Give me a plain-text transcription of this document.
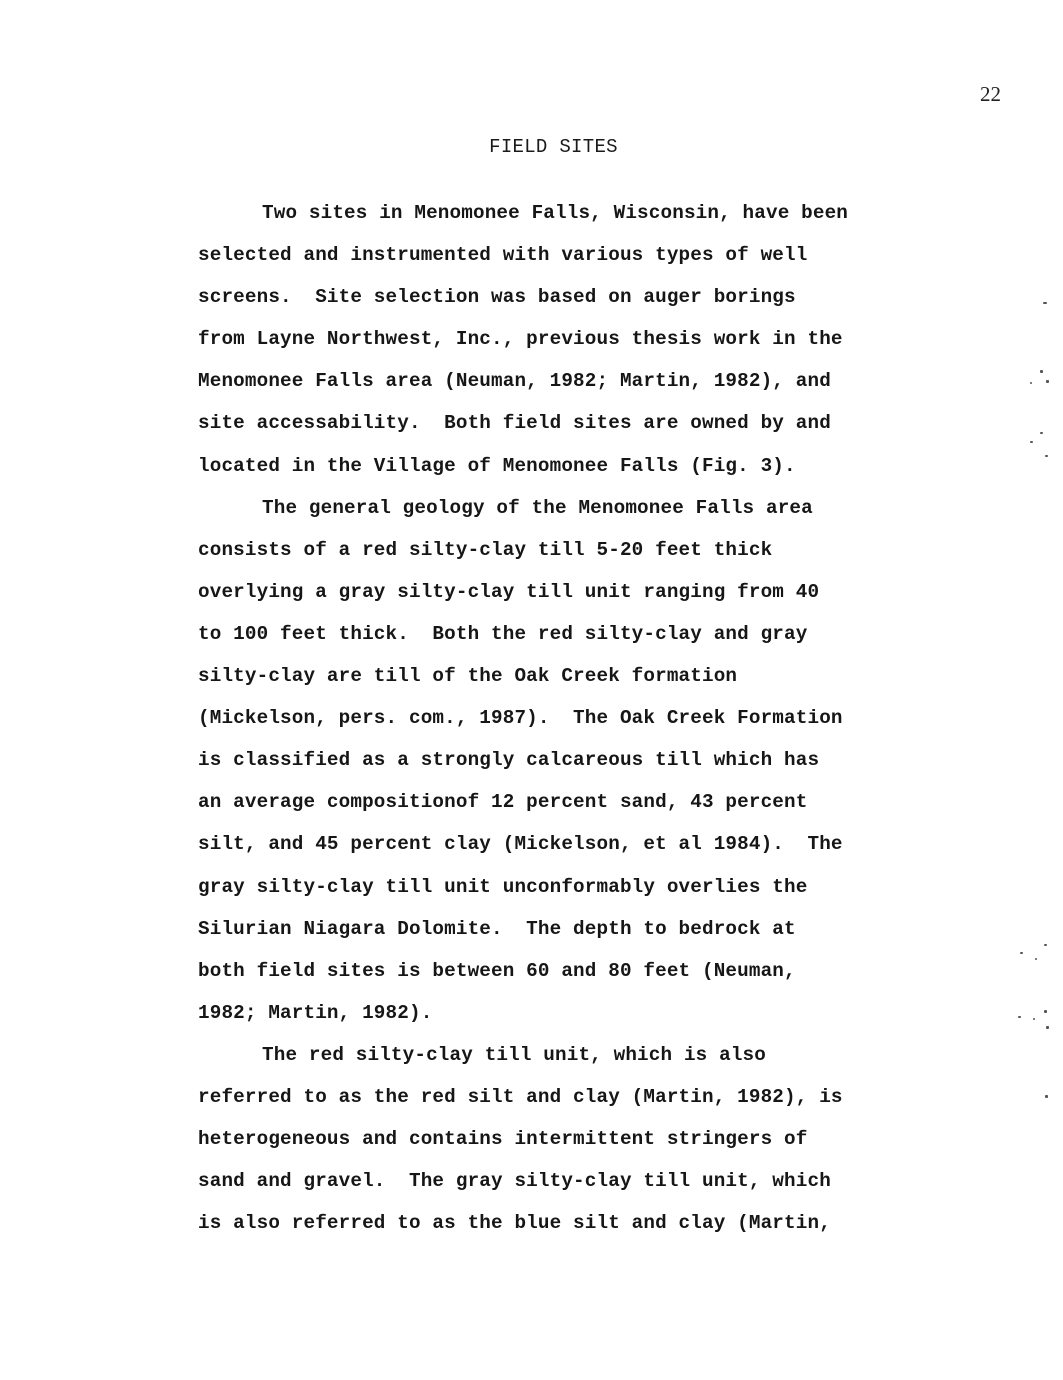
22
FIELD SITES
Two sites in Menomonee Falls, Wisconsin, have been
selected and instrumented with various types of well
screens.  Site selection was based on auger borings
from Layne Northwest, Inc., previous thesis work in the
Menomonee Falls area (Neuman, 1982; Martin, 1982), and
site accessability.  Both field sites are owned by and
located in the Village of Menomonee Falls (Fig. 3).
The general geology of the Menomonee Falls area
consists of a red silty-clay till 5-20 feet thick
overlying a gray silty-clay till unit ranging from 40
to 100 feet thick.  Both the red silty-clay and gray
silty-clay are till of the Oak Creek formation
(Mickelson, pers. com., 1987).  The Oak Creek Formation
is classified as a strongly calcareous till which has
an average compositionof 12 percent sand, 43 percent
silt, and 45 percent clay (Mickelson, et al 1984).  The
gray silty-clay till unit unconformably overlies the
Silurian Niagara Dolomite.  The depth to bedrock at
both field sites is between 60 and 80 feet (Neuman,
1982; Martin, 1982).
The red silty-clay till unit, which is also
referred to as the red silt and clay (Martin, 1982), is
heterogeneous and contains intermittent stringers of
sand and gravel.  The gray silty-clay till unit, which
is also referred to as the blue silt and clay (Martin,
